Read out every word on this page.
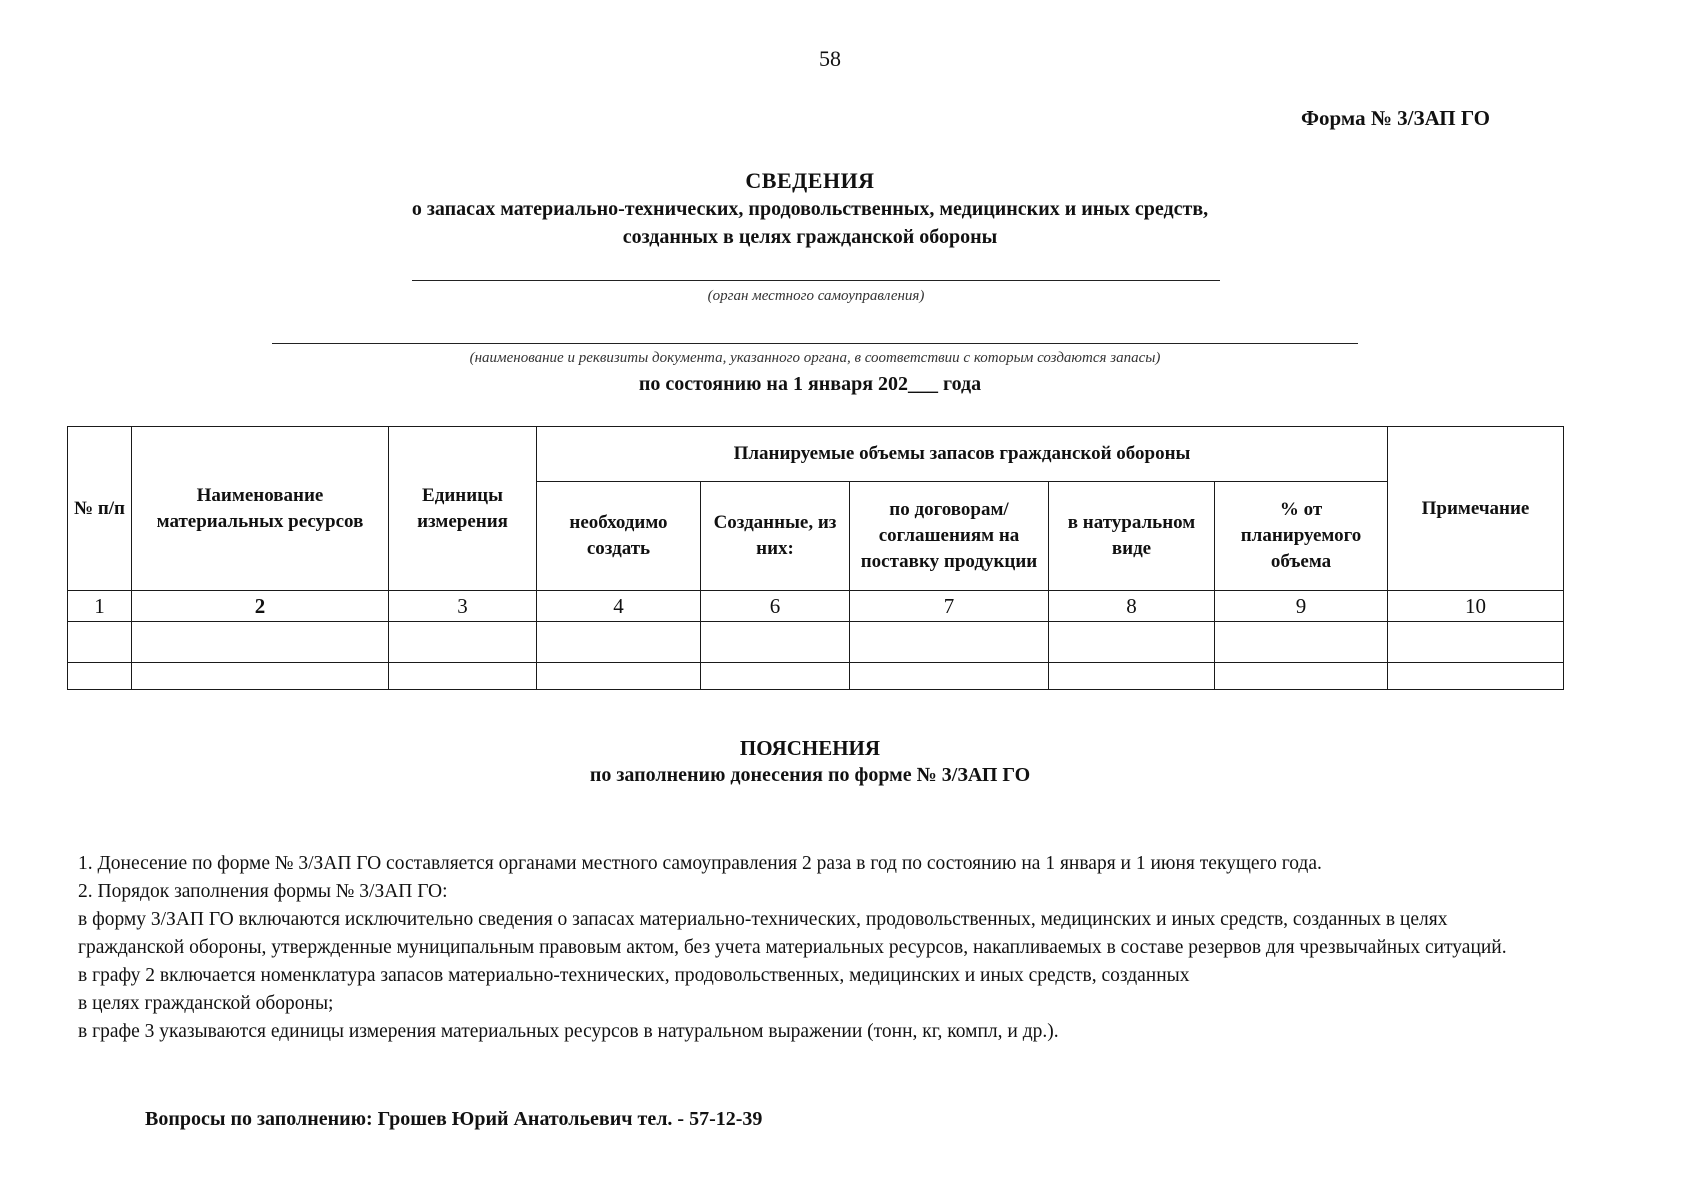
58
Форма № 3/ЗАП ГО
СВЕДЕНИЯ
о запасах материально-технических, продовольственных, медицинских и иных средств,
созданных в целях гражданской обороны
(орган местного самоуправления)
(наименование и реквизиты документа, указанного органа, в соответствии с которым создаются запасы)
по состоянию на 1 января 202___ года
№ п/п	Наименование материальных ресурсов	Единицы измерения	Планируемые объемы запасов гражданской обороны					Примечание
			необходимо создать	Созданные, из них:	по договорам/ соглашениям на поставку продукции	в натуральном виде	% от планируемого объема	
1	2	3	4	6	7	8	9	10

ПОЯСНЕНИЯ
по заполнению донесения по форме № 3/ЗАП ГО

1. Донесение по форме № 3/ЗАП ГО составляется органами местного самоуправления 2 раза в год по состоянию на 1 января и 1 июня текущего года.

2. Порядок заполнения формы № 3/ЗАП ГО:

в форму 3/ЗАП ГО включаются исключительно сведения о запасах материально-технических, продовольственных, медицинских и иных средств, созданных в целях гражданской обороны, утвержденные муниципальным правовым актом, без учета материальных ресурсов, накапливаемых в составе резервов для чрезвычайных ситуаций.

в графу 2 включается номенклатура запасов материально-технических, продовольственных, медицинских и иных средств, созданных

в целях гражданской обороны;

в графе 3 указываются единицы измерения материальных ресурсов в натуральном выражении (тонн, кг, компл, и др.).

Вопросы по заполнению: Грошев Юрий Анатольевич тел. - 57-12-39
